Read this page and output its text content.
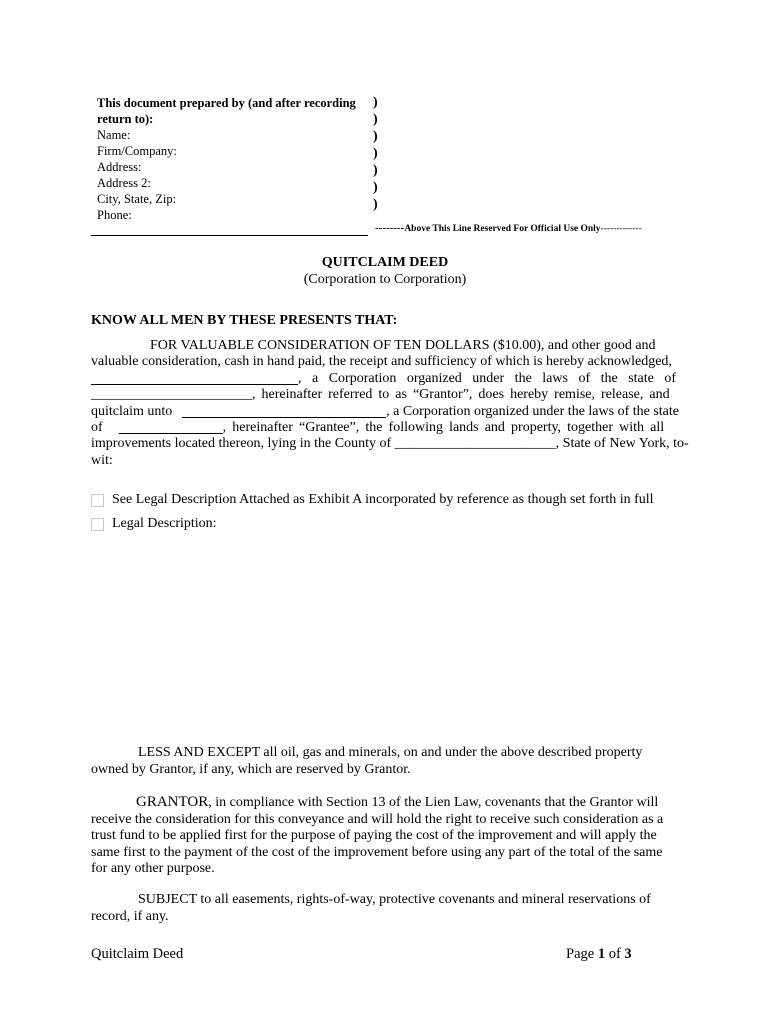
This document prepared by (and after recording
return to):
Name:
Firm/Company:
Address:
Address 2:
City, State, Zip:
Phone:
)
)
)
)
)
)
)
--------Above This Line Reserved For Official Use Only-------------
QUITCLAIM DEED
(Corporation to Corporation)
KNOW ALL MEN BY THESE PRESENTS THAT:
FOR VALUABLE CONSIDERATION OF TEN DOLLARS ($10.00), and other good and
valuable consideration, cash in hand paid, the receipt and sufficiency of which is hereby acknowledged,
, a Corporation organized under the laws of the state of
_______________________ , hereinafter referred to as “Grantor”, does hereby remise, release, and
quitclaim unto	, a Corporation organized under the laws of the state
of	, hereinafter “Grantee”, the following lands and property, together with all
improvements located thereon, lying in the County of
_______________________ , State of New York, to-
wit:
See Legal Description Attached as Exhibit A incorporated by reference as though set forth in full
Legal Description:
LESS AND EXCEPT all oil, gas and minerals, on and under the above described property owned by Grantor, if any, which are reserved by Grantor.
GRANTOR, in compliance with Section 13 of the Lien Law, covenants that the Grantor will receive the consideration for this conveyance and will hold the right to receive such consideration as a trust fund to be applied first for the purpose of paying the cost of the improvement and will apply the same first to the payment of the cost of the improvement before using any part of the total of the same for any other purpose.
SUBJECT to all easements, rights-of-way, protective covenants and mineral reservations of record, if any.
Quitclaim Deed	Page 1 of 3
